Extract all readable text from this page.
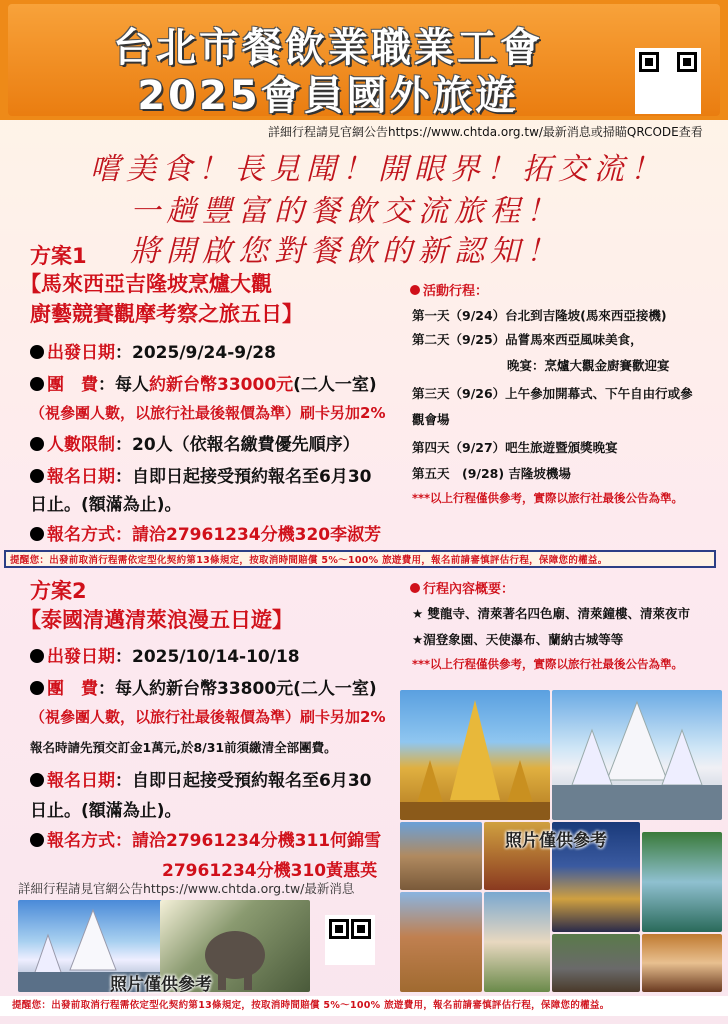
台北市餐飲業職業工會
2025會員國外旅遊
詳細行程請見官網公告https://www.chtda.org.tw/最新消息或掃瞄QRCODE查看
嚐美食！長見聞！開眼界！拓交流！
一趟豐富的餐飲交流旅程！
將開啟您對餐飲的新認知！
方案1
【馬來西亞吉隆坡烹爐大觀
廚藝競賽觀摩考察之旅五日】
出發日期：2025/9/24-9/28
團　費：每人約新台幣33000元(二人一室)
（視參團人數，以旅行社最後報價為準）刷卡另加2%
人數限制：20人（依報名繳費優先順序）
報名日期：自即日起接受預約報名至6月30
日止。(額滿為止)。
報名方式：請洽27961234分機320李淑芳
活動行程：
第一天（9/24）台北到吉隆坡(馬來西亞接機)
第二天（9/25）品嘗馬來西亞風味美食，
晚宴：烹爐大觀金廚賽歡迎宴
第三天（9/26）上午參加開幕式、下午自由行或參
觀會場
第四天（9/27）吧生旅遊暨頒獎晚宴
第五天　(9/28) 吉隆坡機場
***以上行程僅供參考，實際以旅行社最後公告為準。
提醒您：出發前取消行程需依定型化契約第13條規定，按取消時間賠償 5%～100% 旅遊費用，報名前請審慎評估行程，保障您的權益。
方案2
【泰國清邁清萊浪漫五日遊】
出發日期：2025/10/14-10/18
團　費：每人約新台幣33800元(二人一室)
（視參團人數，以旅行社最後報價為準）刷卡另加2%
報名時請先預交訂金1萬元,於8/31前須繳清全部團費。
報名日期：自即日起接受預約報名至6月30
日止。(額滿為止)。
報名方式：請洽27961234分機311何錦雪
27961234分機310黃惠英
詳細行程請見官網公告https://www.chtda.org.tw/最新消息
行程內容概要：
★ 雙龍寺、清萊著名四色廟、清萊鐘樓、清萊夜市
★湄登象園、天使瀑布、蘭納古城等等
***以上行程僅供參考，實際以旅行社最後公告為準。
照片僅供參考
照片僅供參考
提醒您：出發前取消行程需依定型化契約第13條規定，按取消時間賠償 5%～100% 旅遊費用，報名前請審慎評估行程，保障您的權益。
